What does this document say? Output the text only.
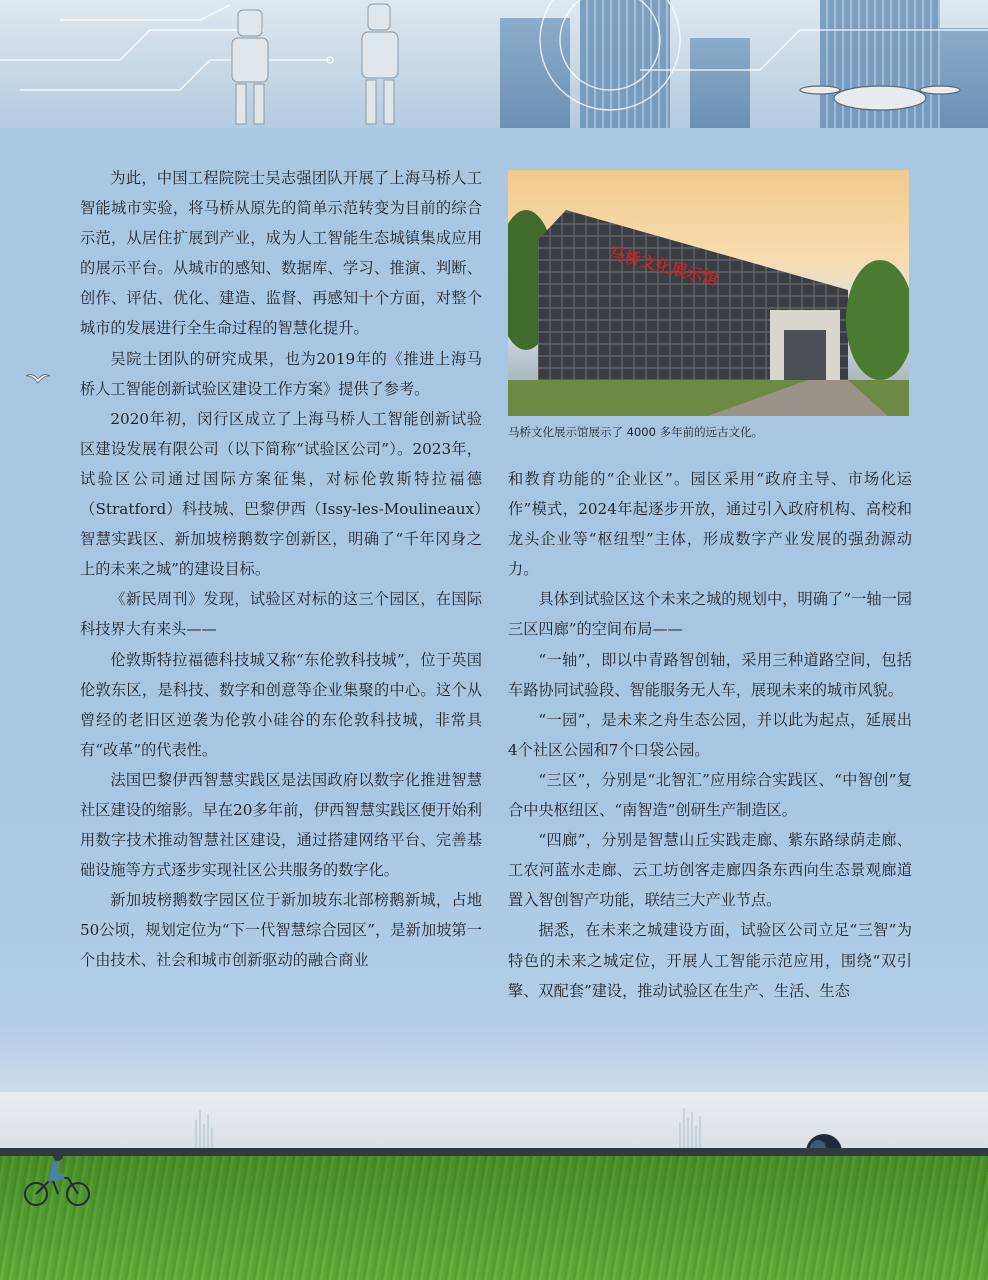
为此，中国工程院院士吴志强团队开展了上海马桥人工智能城市实验，将马桥从原先的简单示范转变为目前的综合示范，从居住扩展到产业，成为人工智能生态城镇集成应用的展示平台。从城市的感知、数据库、学习、推演、判断、创作、评估、优化、建造、监督、再感知十个方面，对整个城市的发展进行全生命过程的智慧化提升。

吴院士团队的研究成果，也为2019年的《推进上海马桥人工智能创新试验区建设工作方案》提供了参考。

2020年初，闵行区成立了上海马桥人工智能创新试验区建设发展有限公司（以下简称“试验区公司”）。2023年，试验区公司通过国际方案征集，对标伦敦斯特拉福德（Stratford）科技城、巴黎伊西（Issy-les-Moulineaux）智慧实践区、新加坡榜鹅数字创新区，明确了“千年冈身之上的未来之城”的建设目标。

《新民周刊》发现，试验区对标的这三个园区，在国际科技界大有来头——

伦敦斯特拉福德科技城又称“东伦敦科技城”，位于英国伦敦东区，是科技、数字和创意等企业集聚的中心。这个从曾经的老旧区逆袭为伦敦小硅谷的东伦敦科技城，非常具有“改革”的代表性。

法国巴黎伊西智慧实践区是法国政府以数字化推进智慧社区建设的缩影。早在20多年前，伊西智慧实践区便开始利用数字技术推动智慧社区建设，通过搭建网络平台、完善基础设施等方式逐步实现社区公共服务的数字化。

新加坡榜鹅数字园区位于新加坡东北部榜鹅新城，占地50公顷，规划定位为“下一代智慧综合园区”，是新加坡第一个由技术、社会和城市创新驱动的融合商业

马桥文化展示馆
马桥文化展示馆展示了 4000 多年前的远古文化。

和教育功能的“企业区”。园区采用“政府主导、市场化运作”模式，2024年起逐步开放，通过引入政府机构、高校和龙头企业等“枢纽型”主体，形成数字产业发展的强劲源动力。

具体到试验区这个未来之城的规划中，明确了“一轴一园三区四廊”的空间布局——

“一轴”，即以中青路智创轴，采用三种道路空间，包括车路协同试验段、智能服务无人车，展现未来的城市风貌。

“一园”，是未来之舟生态公园，并以此为起点，延展出4个社区公园和7个口袋公园。

“三区”，分别是“北智汇”应用综合实践区、“中智创”复合中央枢纽区、“南智造”创研生产制造区。

“四廊”，分别是智慧山丘实践走廊、紫东路绿荫走廊、工农河蓝水走廊、云工坊创客走廊四条东西向生态景观廊道置入智创智产功能，联结三大产业节点。

据悉，在未来之城建设方面，试验区公司立足“三智”为特色的未来之城定位，开展人工智能示范应用，围绕“双引擎、双配套”建设，推动试验区在生产、生活、生态
